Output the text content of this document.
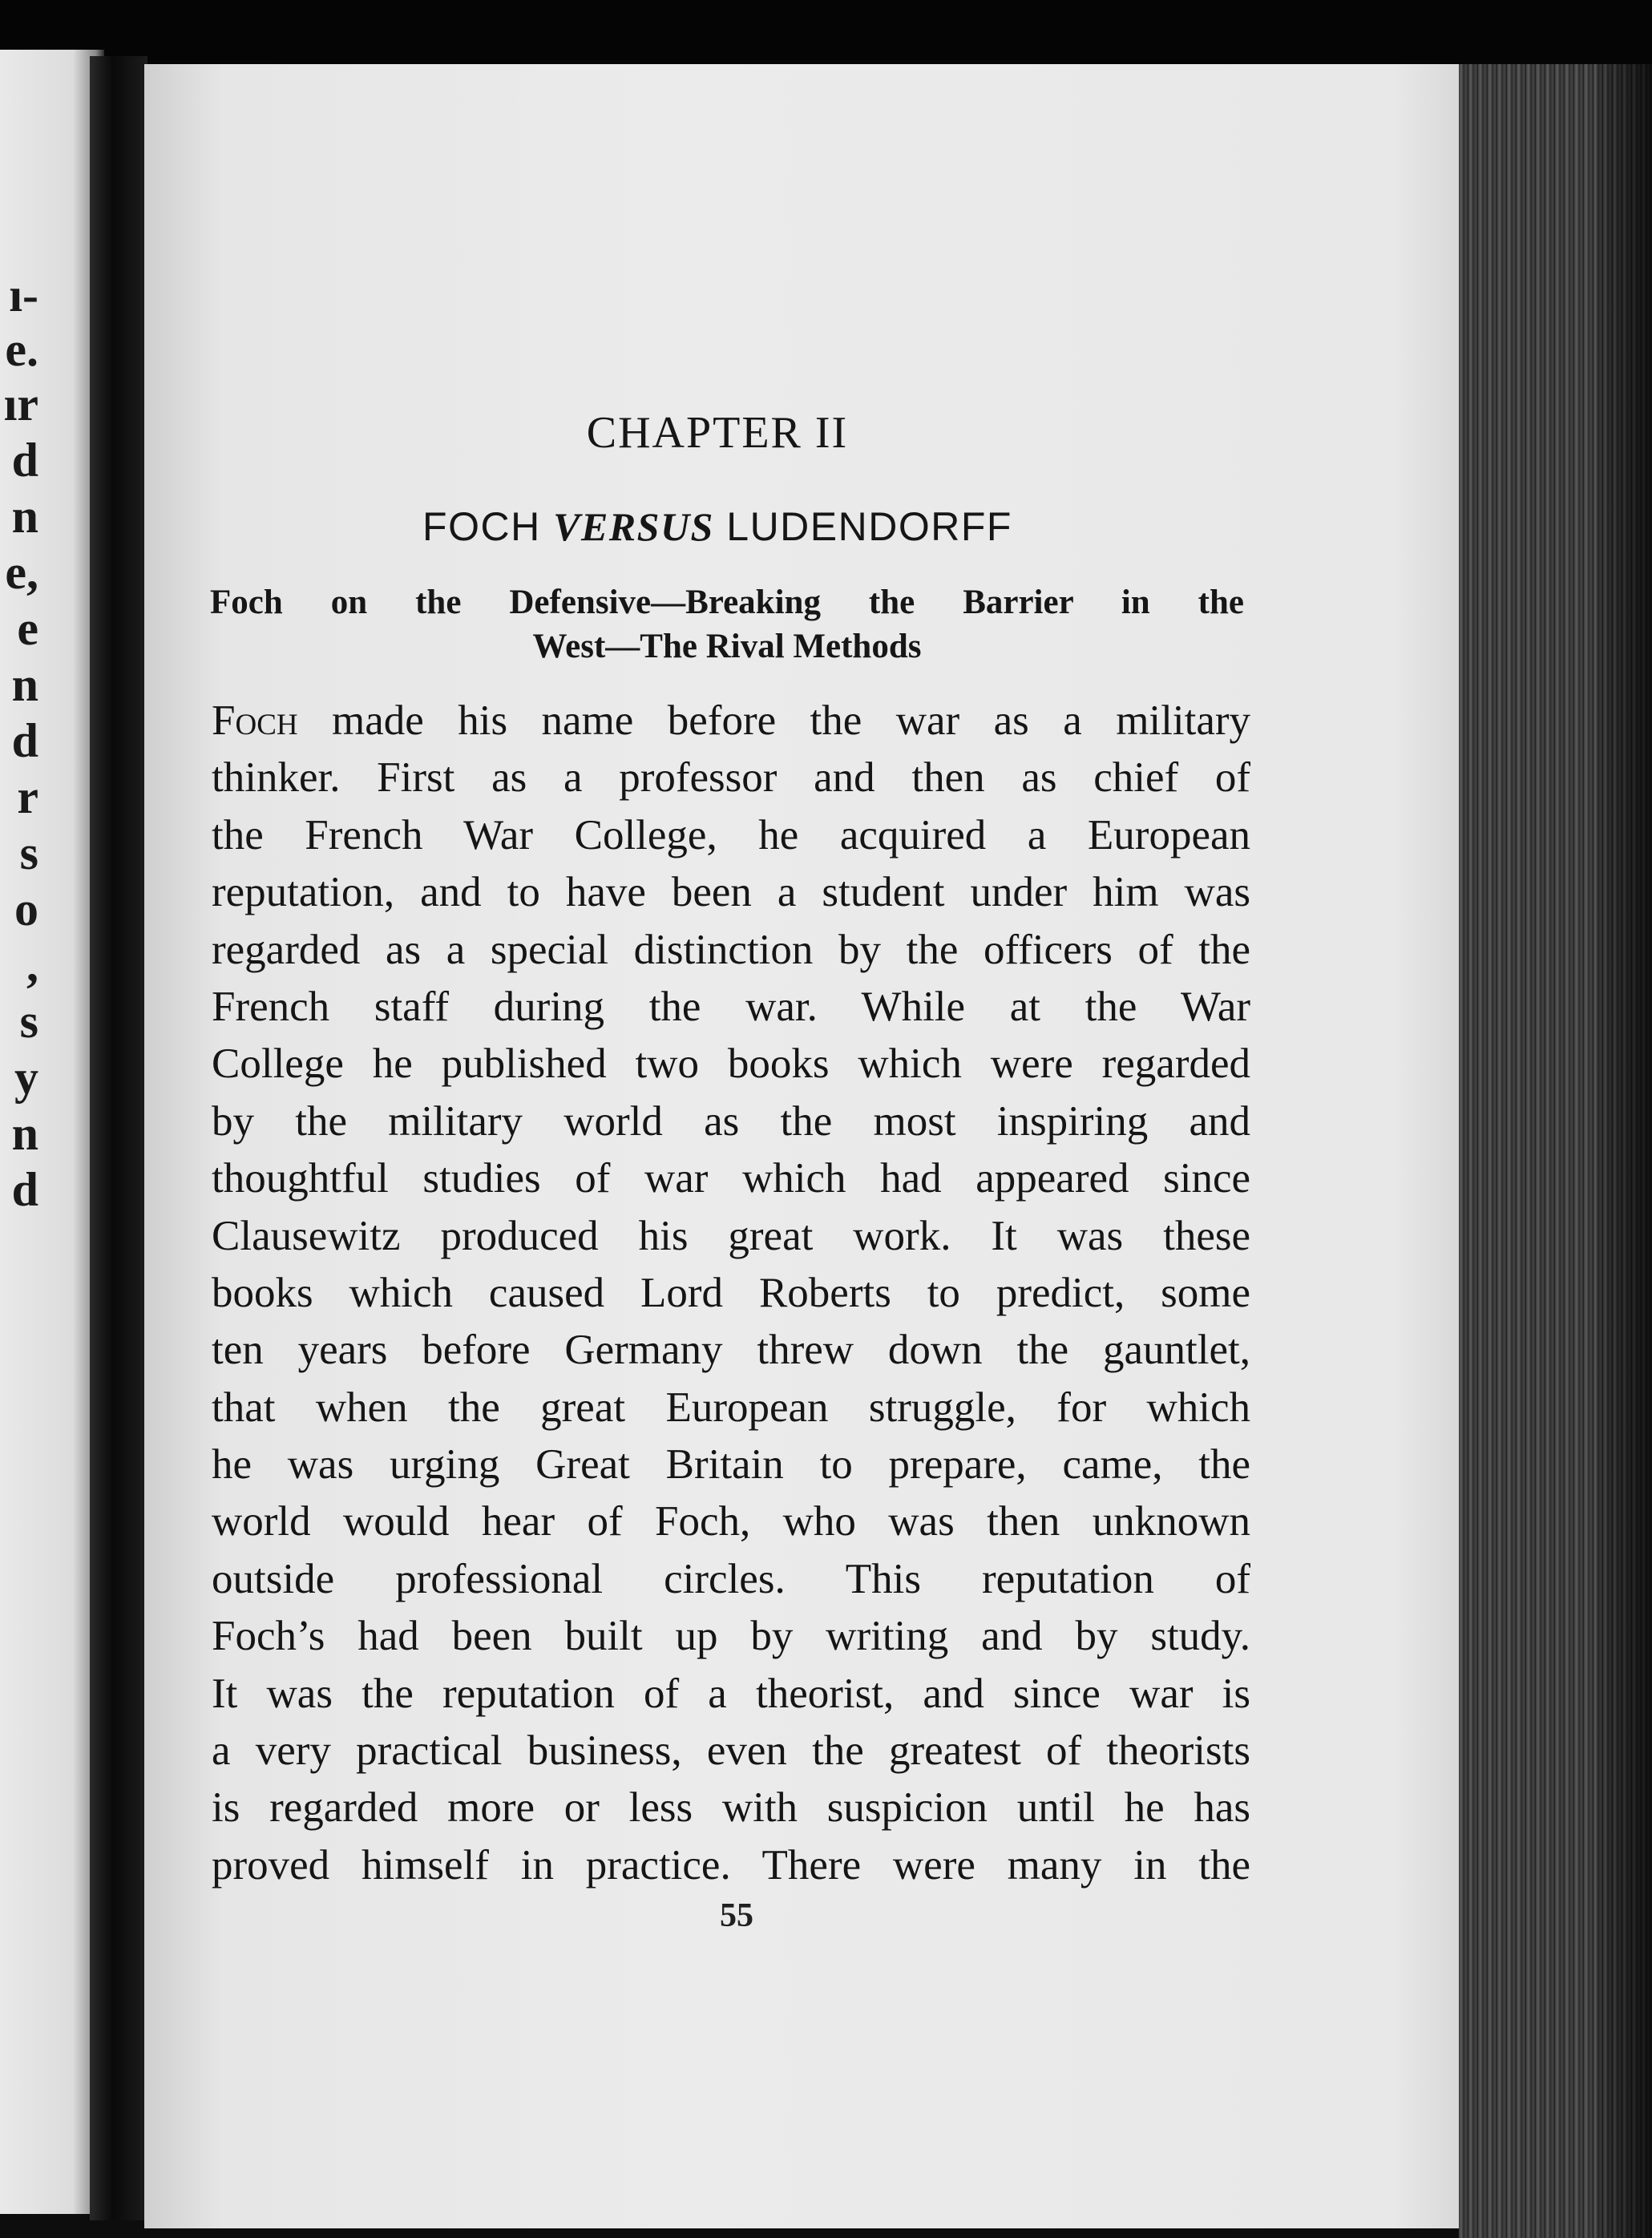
ı-
e.
ır
d
n
e,
e
n
d
r
s
o
,
s
y
n
d
CHAPTER II
FOCH VERSUS LUDENDORFF
Foch on the Defensive—Breaking the Barrier in the
West—The Rival Methods
Foch made his name before the war as a military
thinker. First as a professor and then as chief of
the French War College, he acquired a European
reputation, and to have been a student under him was
regarded as a special distinction by the officers of the
French staff during the war. While at the War
College he published two books which were regarded
by the military world as the most inspiring and
thoughtful studies of war which had appeared since
Clausewitz produced his great work. It was these
books which caused Lord Roberts to predict, some
ten years before Germany threw down the gauntlet,
that when the great European struggle, for which
he was urging Great Britain to prepare, came, the
world would hear of Foch, who was then unknown
outside professional circles. This reputation of
Foch’s had been built up by writing and by study.
It was the reputation of a theorist, and since war is
a very practical business, even the greatest of theorists
is regarded more or less with suspicion until he has
proved himself in practice. There were many in the
55
